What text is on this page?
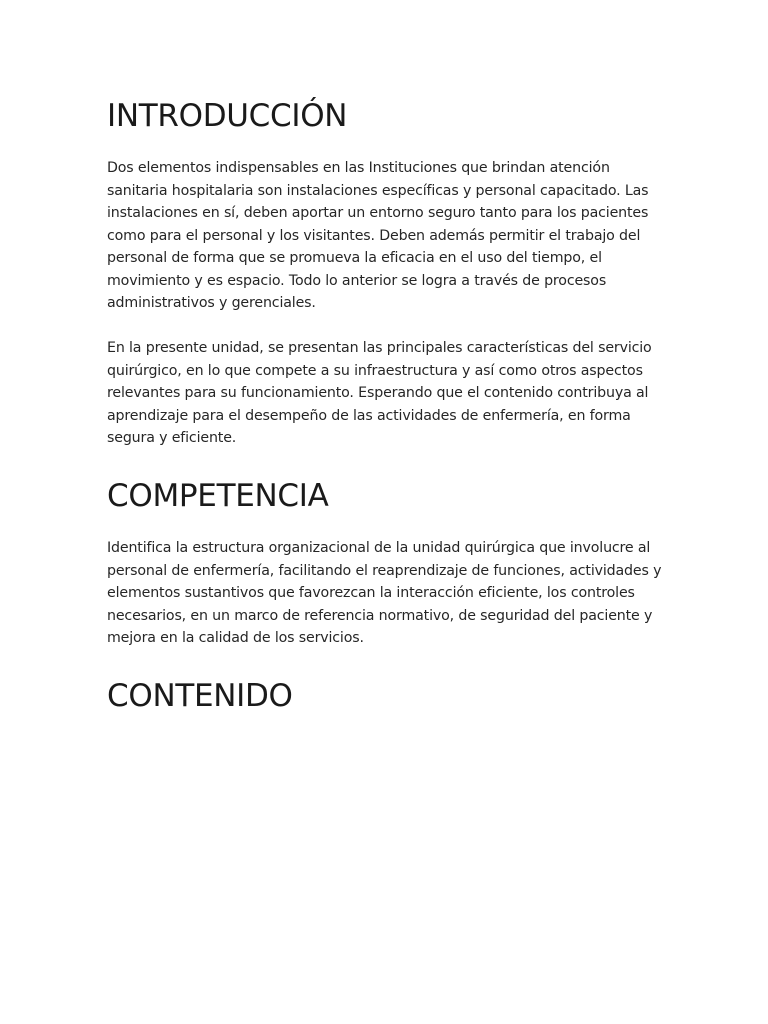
INTRODUCCIÓN

Dos elementos indispensables en las Instituciones que brindan atención sanitaria hospitalaria son instalaciones específicas y personal capacitado. Las instalaciones en sí, deben aportar un entorno seguro tanto para los pacientes como para el personal y los visitantes. Deben además permitir el trabajo del personal de forma que se promueva la eficacia en el uso del tiempo, el movimiento y es espacio. Todo lo anterior se logra a través de procesos administrativos y gerenciales.

En la presente unidad, se presentan las principales características del servicio quirúrgico, en lo que compete a su infraestructura y así como otros aspectos relevantes para su funcionamiento. Esperando que el contenido contribuya al aprendizaje para el desempeño de las actividades de enfermería, en forma segura y eficiente.

COMPETENCIA

Identifica la estructura organizacional de la unidad quirúrgica que involucre al personal de enfermería, facilitando el reaprendizaje de funciones, actividades y elementos sustantivos que favorezcan la interacción eficiente, los controles necesarios, en un marco de referencia normativo, de seguridad del paciente y mejora en la calidad de los servicios.

CONTENIDO
